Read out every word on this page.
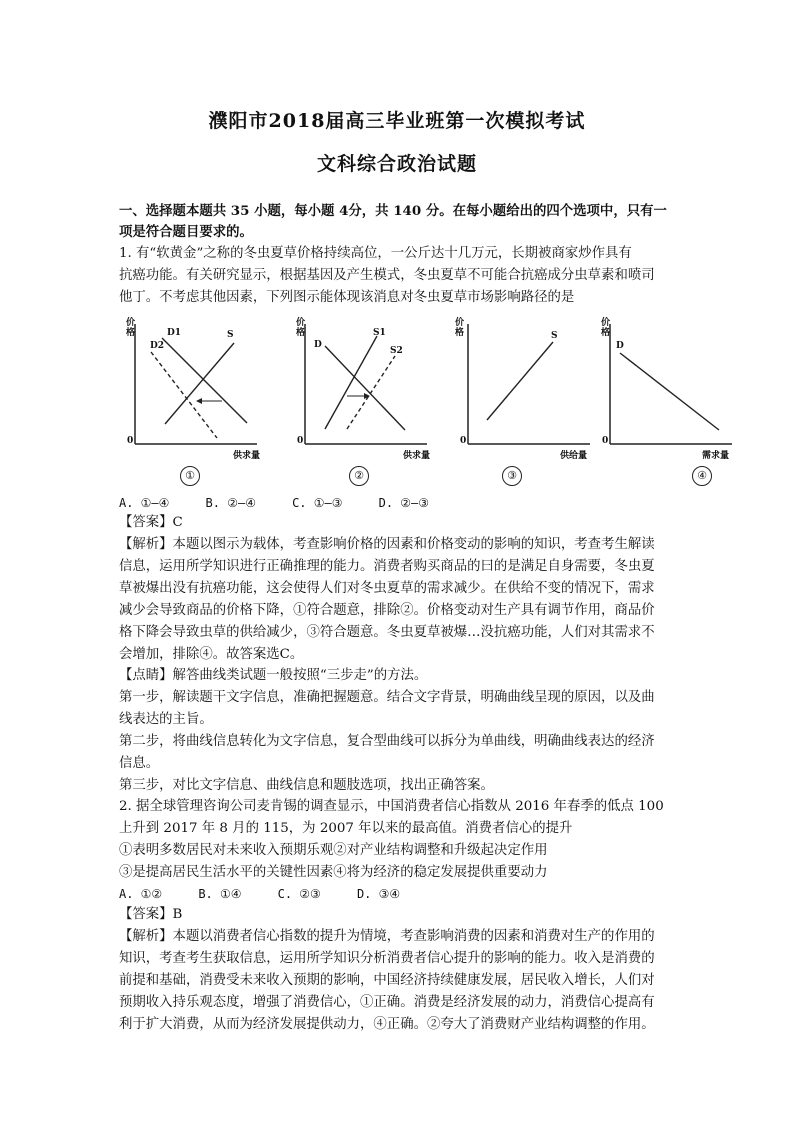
濮阳市2018届高三毕业班第一次模拟考试
文科综合政治试题
一、选择题本题共 35 小题，每小题 4分，共 140 分。在每小题给出的四个选项中，只有一
项是符合题目要求的。
1. 有“软黄金”之称的冬虫夏草价格持续高位，一公斤达十几万元，长期被商家炒作具有
抗癌功能。有关研究显示，根据基因及产生模式，冬虫夏草不可能合抗癌成分虫草素和喷司
他丁。不考虑其他因素，下列图示能体现该消息对冬虫夏草市场影响路径的是
价格
0
供求量
D1
D2
S
①
价格
0
供求量
D
S1
S2
②
价格
0
供给量
S
③
价格
0
需求量
D
④
A. ①—④     B. ②—④     C. ①—③     D. ②—③
【答案】C
【解析】本题以图示为载体，考查影响价格的因素和价格变动的影响的知识，考查考生解读
信息，运用所学知识进行正确推理的能力。消费者购买商品的曰的是满足自身需要，冬虫夏
草被爆出没有抗癌功能，这会使得人们对冬虫夏草的需求减少。在供给不变的情况下，需求
减少会导致商品的价格下降，①符合题意，排除②。价格变动对生产具有调节作用，商品价
格下降会导致虫草的供给减少，③符合题意。冬虫夏草被爆…没抗癌功能，人们对其需求不
会增加，排除④。故答案选C。
【点睛】解答曲线类试题一般按照“三步走”的方法。
第一步，解读题干文字信息，准确把握题意。结合文字背景，明确曲线呈现的原因，以及曲
线表达的主旨。
第二步，将曲线信息转化为文字信息，复合型曲线可以拆分为单曲线，明确曲线表达的经济
信息。
第三步，对比文字信息、曲线信息和题肢选项，找出正确答案。
2. 据全球管理咨询公司麦肯锡的调查显示，中国消费者信心指数从 2016 年春季的低点 100
上升到 2017 年 8 月的 115，为 2007 年以来的最高值。消费者信心的提升
①表明多数居民对未来收入预期乐观②对产业结构调整和升级起决定作用
③是提高居民生活水平的关键性因素④将为经济的稳定发展提供重要动力
A. ①②     B. ①④     C. ②③     D. ③④
【答案】B
【解析】本题以消费者信心指数的提升为情境，考查影响消费的因素和消费对生产的作用的
知识，考查考生获取信息，运用所学知识分析消费者信心提升的影响的能力。收入是消费的
前提和基础，消费受未来收入预期的影响，中国经济持续健康发展，居民收入增长，人们对
预期收入持乐观态度，增强了消费信心，①正确。消费是经济发展的动力，消费信心提高有
利于扩大消费，从而为经济发展提供动力，④正确。②夸大了消费财产业结构调整的作用。
